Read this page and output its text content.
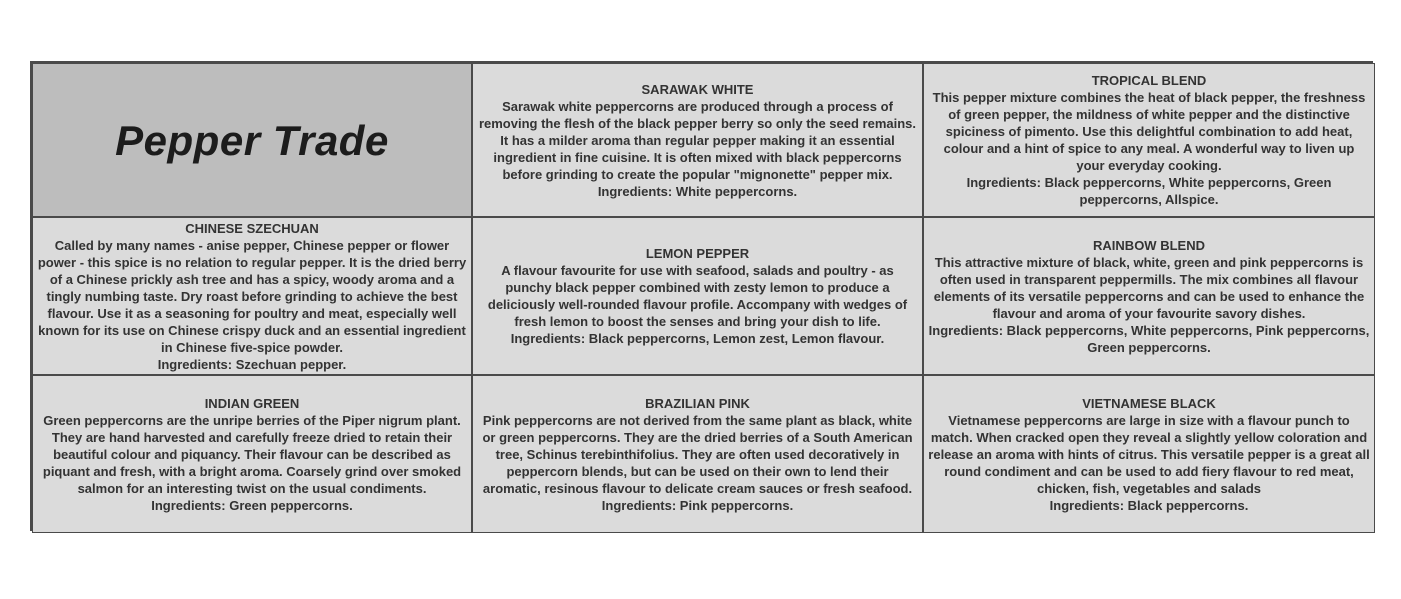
Pepper Trade
SARAWAK WHITE
Sarawak white peppercorns are produced through a process of removing the flesh of the black pepper berry so only the seed remains. It has a milder aroma than regular pepper making it an essential ingredient in fine cuisine. It is often mixed with black peppercorns before grinding to create the popular "mignonette" pepper mix.
Ingredients: White peppercorns.
TROPICAL BLEND
This pepper mixture combines the heat of black pepper, the freshness of green pepper, the mildness of white pepper and the distinctive spiciness of pimento. Use this delightful combination to add heat, colour and a hint of spice to any meal. A wonderful way to liven up your everyday cooking.
Ingredients: Black peppercorns, White peppercorns, Green peppercorns, Allspice.
CHINESE SZECHUAN
Called by many names - anise pepper, Chinese pepper or flower power - this spice is no relation to regular pepper. It is the dried berry of a Chinese prickly ash tree and has a spicy, woody aroma and a tingly numbing taste. Dry roast before grinding to achieve the best flavour. Use it as a seasoning for poultry and meat, especially well known for its use on Chinese crispy duck and an essential ingredient in Chinese five-spice powder.
Ingredients: Szechuan pepper.
LEMON PEPPER
A flavour favourite for use with seafood, salads and poultry - as punchy black pepper combined with zesty lemon to produce a deliciously well-rounded flavour profile. Accompany with wedges of fresh lemon to boost the senses and bring your dish to life.
Ingredients: Black peppercorns, Lemon zest, Lemon flavour.
RAINBOW BLEND
This attractive mixture of black, white, green and pink peppercorns is often used in transparent peppermills. The mix combines all flavour elements of its versatile peppercorns and can be used to enhance the flavour and aroma of your favourite savory dishes.
Ingredients: Black peppercorns, White peppercorns, Pink peppercorns, Green peppercorns.
INDIAN GREEN
Green peppercorns are the unripe berries of the Piper nigrum plant. They are hand harvested and carefully freeze dried to retain their beautiful colour and piquancy. Their flavour can be described as piquant and fresh, with a bright aroma. Coarsely grind over smoked salmon for an interesting twist on the usual condiments.
Ingredients: Green peppercorns.
BRAZILIAN PINK
Pink peppercorns are not derived from the same plant as black, white or green peppercorns. They are the dried berries of a South American tree, Schinus terebinthifolius. They are often used decoratively in peppercorn blends, but can be used on their own to lend their aromatic, resinous flavour to delicate cream sauces or fresh seafood.
Ingredients: Pink peppercorns.
VIETNAMESE BLACK
Vietnamese peppercorns are large in size with a flavour punch to match. When cracked open they reveal a slightly yellow coloration and release an aroma with hints of citrus. This versatile pepper is a great all round condiment and can be used to add fiery flavour to red meat, chicken, fish, vegetables and salads
Ingredients: Black peppercorns.
